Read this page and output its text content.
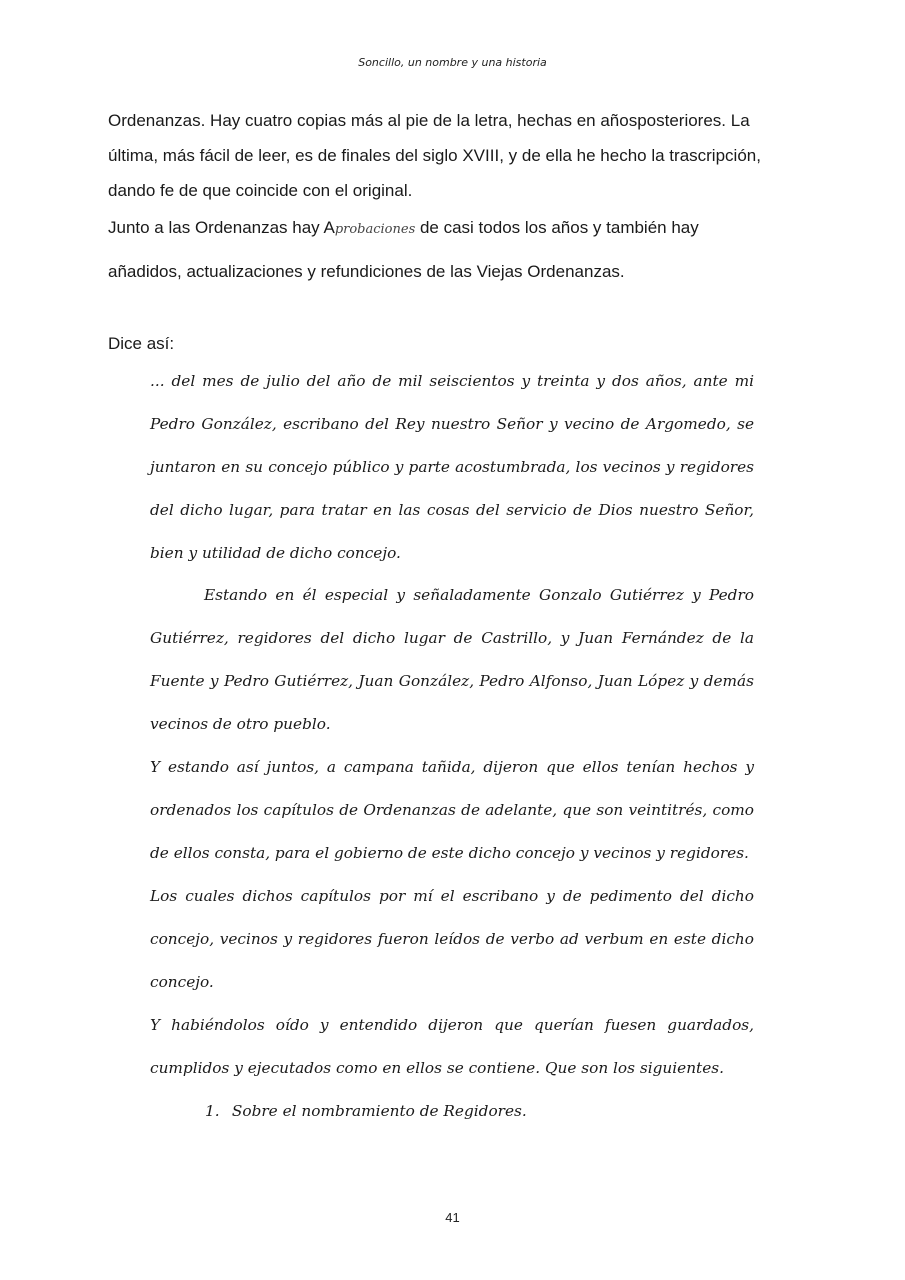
Soncillo, un nombre y una historia
Ordenanzas. Hay cuatro copias más al pie de la letra, hechas en añosposteriores. La
última, más fácil de leer, es de finales del siglo XVIII, y de ella he hecho la trascripción,
dando fe de que coincide con el original.
Junto a las Ordenanzas hay Aprobaciones de casi todos los años y también hay
añadidos, actualizaciones y refundiciones de las Viejas Ordenanzas.
Dice así:

... del mes de julio del año de mil seiscientos y treinta y dos años, ante mi Pedro González, escribano del Rey nuestro Señor y vecino de Argomedo, se juntaron en su concejo público y parte acostumbrada, los vecinos y regidores del dicho lugar, para tratar en las cosas del servicio de Dios nuestro Señor, bien y utilidad de dicho concejo.

Estando en él especial y señaladamente Gonzalo Gutiérrez y Pedro Gutiérrez, regidores del dicho lugar de Castrillo, y Juan Fernández de la Fuente y Pedro Gutiérrez, Juan González, Pedro Alfonso, Juan López y demás vecinos de otro pueblo.

Y estando así juntos, a campana tañida, dijeron que ellos tenían hechos y ordenados los capítulos de Ordenanzas de adelante, que son veintitrés, como de ellos consta, para el gobierno de este dicho concejo y vecinos y regidores.

Los cuales dichos capítulos por mí el escribano y de pedimento del dicho concejo, vecinos y regidores fueron leídos de verbo ad verbum en este dicho concejo.

Y habiéndolos oído y entendido dijeron que querían fuesen guardados, cumplidos y ejecutados como en ellos se contiene. Que son los siguientes.

1. Sobre el nombramiento de Regidores.
41
